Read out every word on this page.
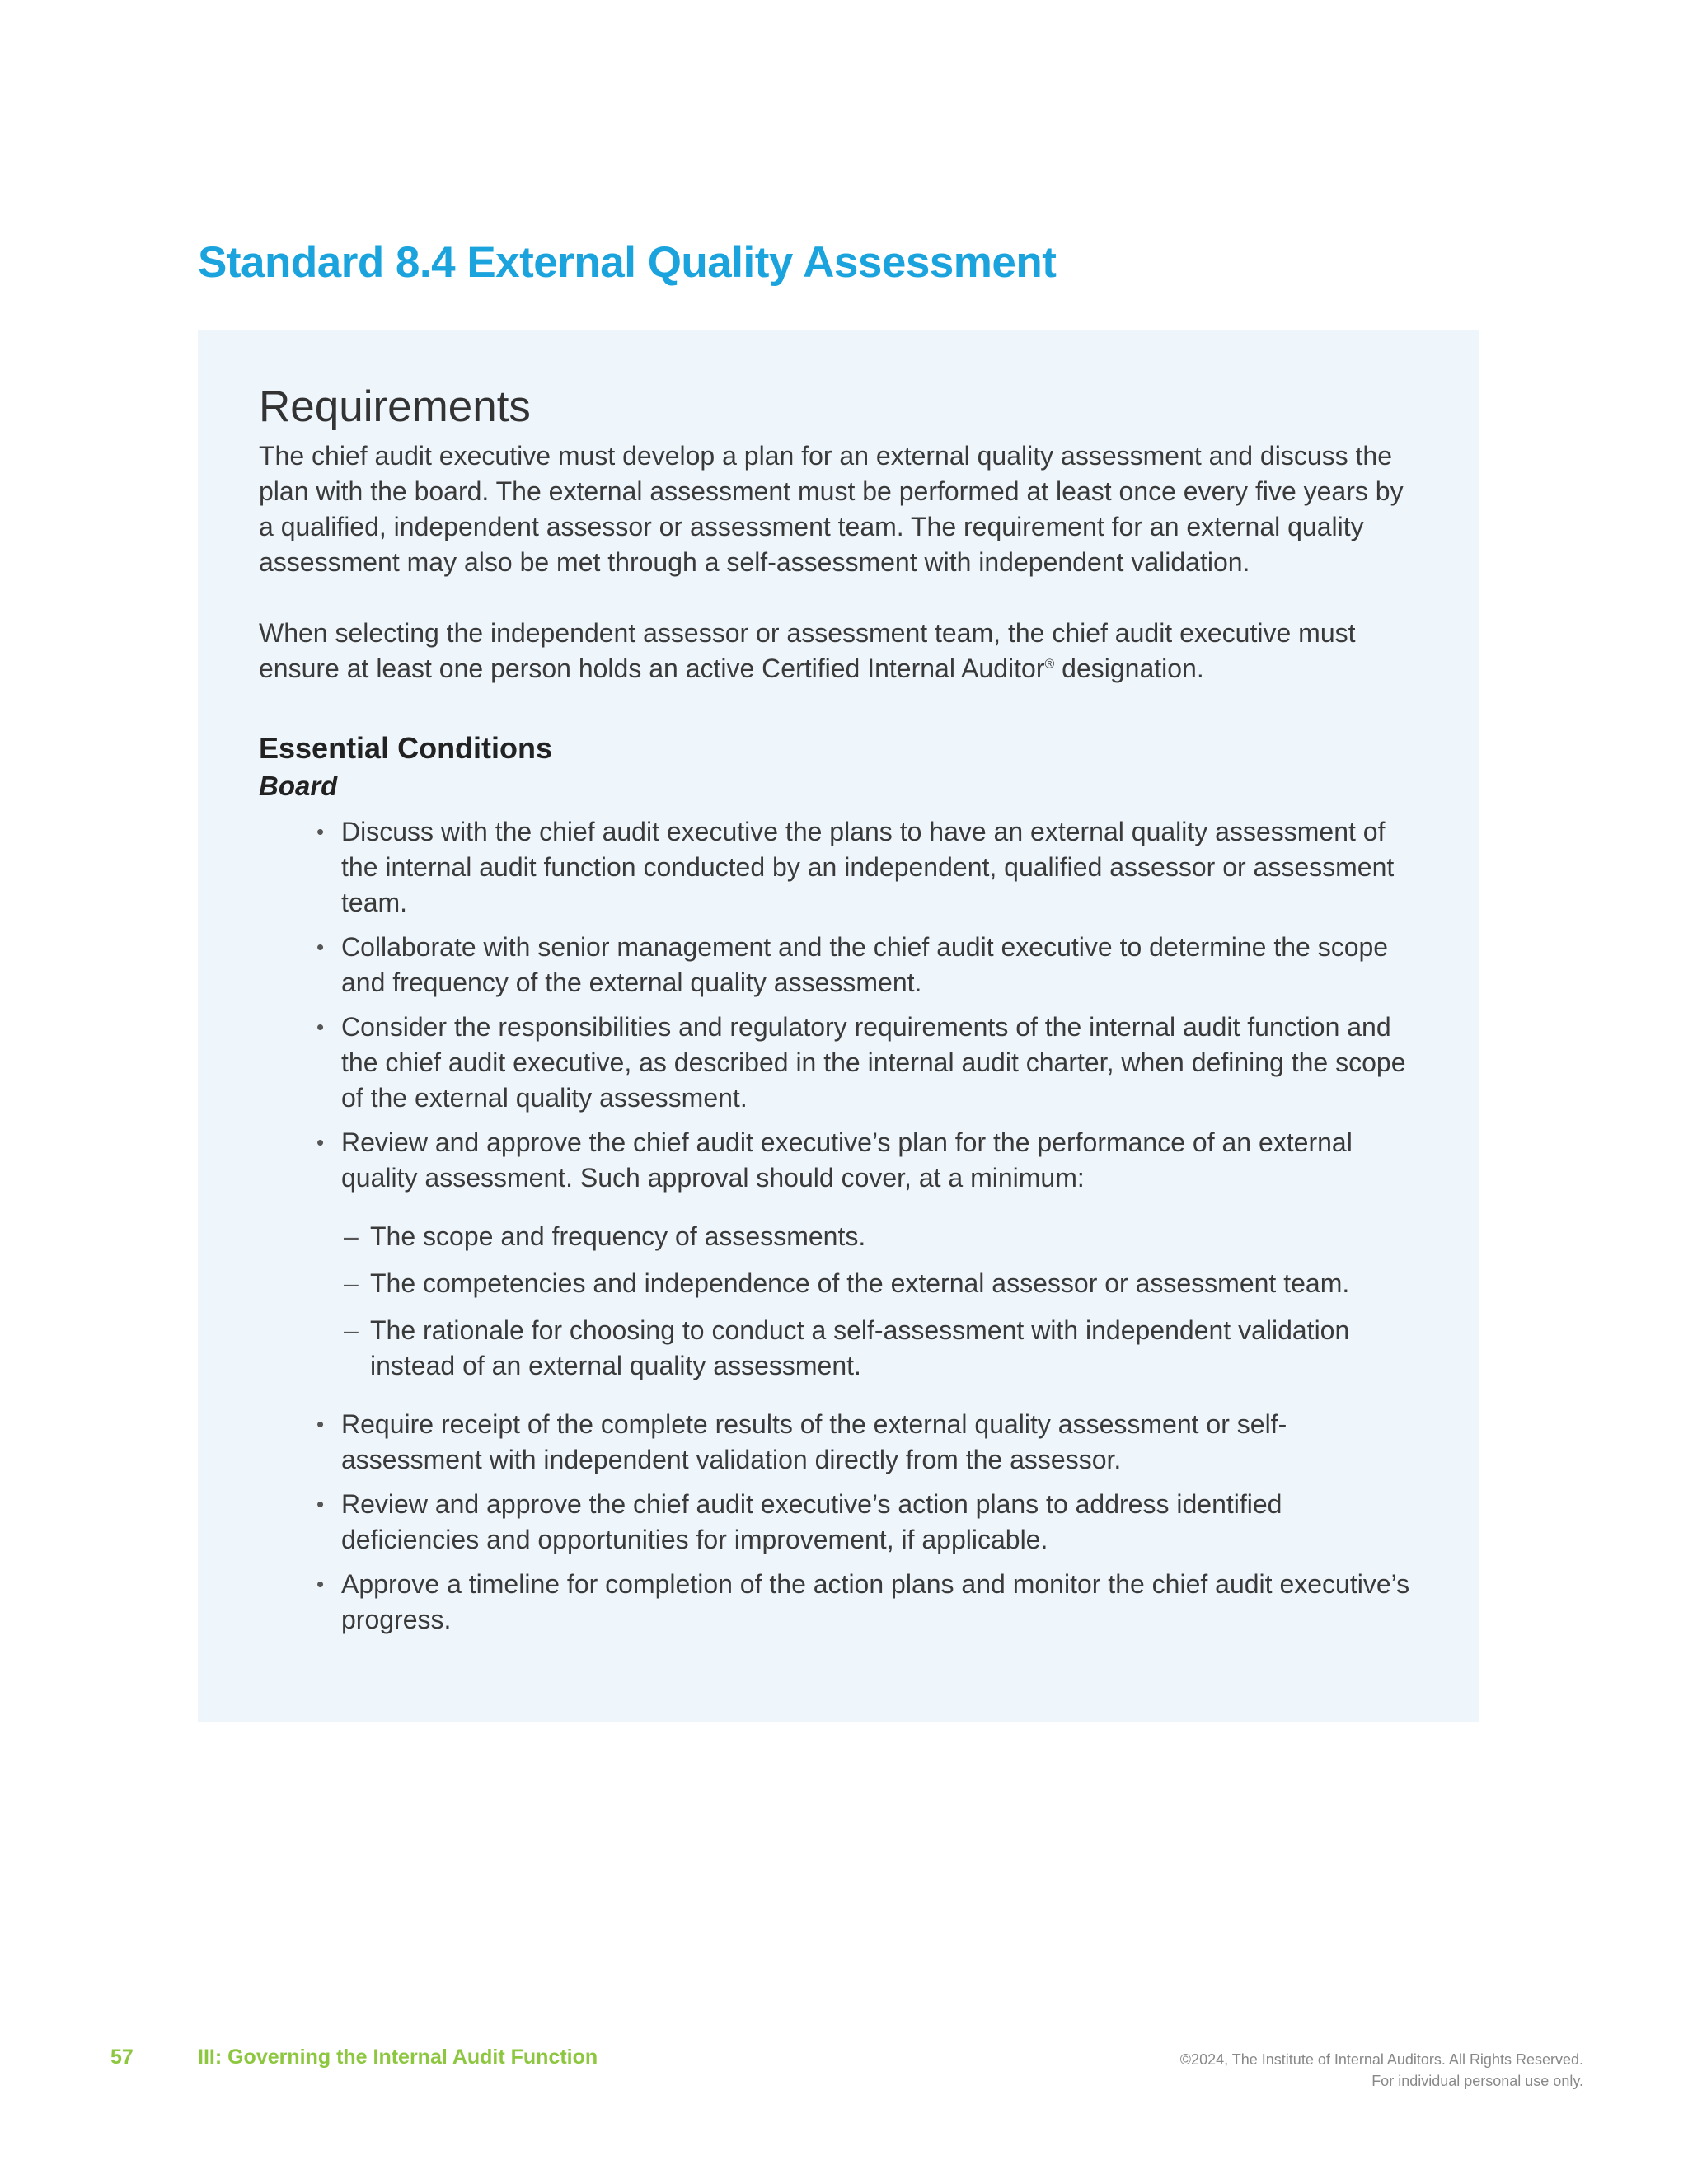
Standard 8.4 External Quality Assessment
Requirements

The chief audit executive must develop a plan for an external quality assessment and discuss the plan with the board. The external assessment must be performed at least once every five years by a qualified, independent assessor or assessment team. The requirement for an external quality assessment may also be met through a self-assessment with independent validation.

When selecting the independent assessor or assessment team, the chief audit executive must ensure at least one person holds an active Certified Internal Auditor® designation.

Essential Conditions
Board
• Discuss with the chief audit executive the plans to have an external quality assessment of the internal audit function conducted by an independent, qualified assessor or assessment team.
• Collaborate with senior management and the chief audit executive to determine the scope and frequency of the external quality assessment.
• Consider the responsibilities and regulatory requirements of the internal audit function and the chief audit executive, as described in the internal audit charter, when defining the scope of the external quality assessment.
• Review and approve the chief audit executive’s plan for the performance of an external quality assessment. Such approval should cover, at a minimum:
– The scope and frequency of assessments.
– The competencies and independence of the external assessor or assessment team.
– The rationale for choosing to conduct a self-assessment with independent validation instead of an external quality assessment.
• Require receipt of the complete results of the external quality assessment or self-assessment with independent validation directly from the assessor.
• Review and approve the chief audit executive’s action plans to address identified deficiencies and opportunities for improvement, if applicable.
• Approve a timeline for completion of the action plans and monitor the chief audit executive’s progress.
57	III: Governing the Internal Audit Function	©2024, The Institute of Internal Auditors. All Rights Reserved.
For individual personal use only.
